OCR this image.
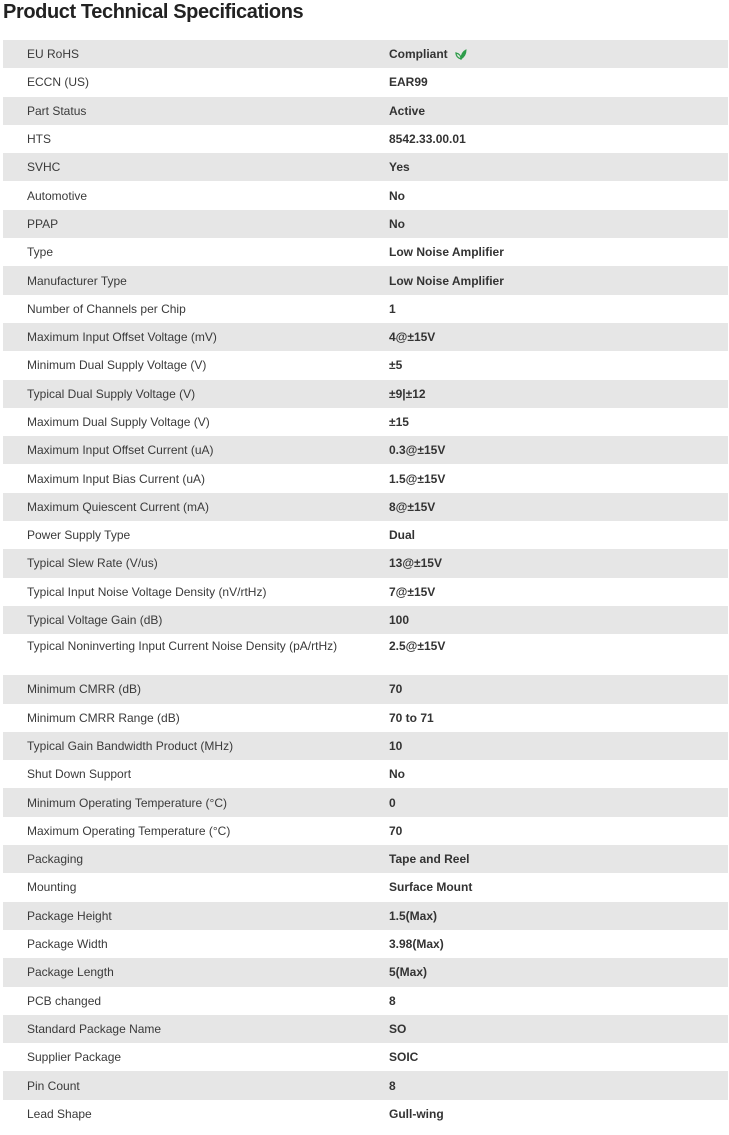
Product Technical Specifications
EU RoHS	Compliant
ECCN (US)	EAR99
Part Status	Active
HTS	8542.33.00.01
SVHC	Yes
Automotive	No
PPAP	No
Type	Low Noise Amplifier
Manufacturer Type	Low Noise Amplifier
Number of Channels per Chip	1
Maximum Input Offset Voltage (mV)	4@±15V
Minimum Dual Supply Voltage (V)	±5
Typical Dual Supply Voltage (V)	±9|±12
Maximum Dual Supply Voltage (V)	±15
Maximum Input Offset Current (uA)	0.3@±15V
Maximum Input Bias Current (uA)	1.5@±15V
Maximum Quiescent Current (mA)	8@±15V
Power Supply Type	Dual
Typical Slew Rate (V/us)	13@±15V
Typical Input Noise Voltage Density (nV/rtHz)	7@±15V
Typical Voltage Gain (dB)	100
Typical Noninverting Input Current Noise Density (pA/rtHz)	2.5@±15V
Minimum CMRR (dB)	70
Minimum CMRR Range (dB)	70 to 71
Typical Gain Bandwidth Product (MHz)	10
Shut Down Support	No
Minimum Operating Temperature (°C)	0
Maximum Operating Temperature (°C)	70
Packaging	Tape and Reel
Mounting	Surface Mount
Package Height	1.5(Max)
Package Width	3.98(Max)
Package Length	5(Max)
PCB changed	8
Standard Package Name	SO
Supplier Package	SOIC
Pin Count	8
Lead Shape	Gull-wing
